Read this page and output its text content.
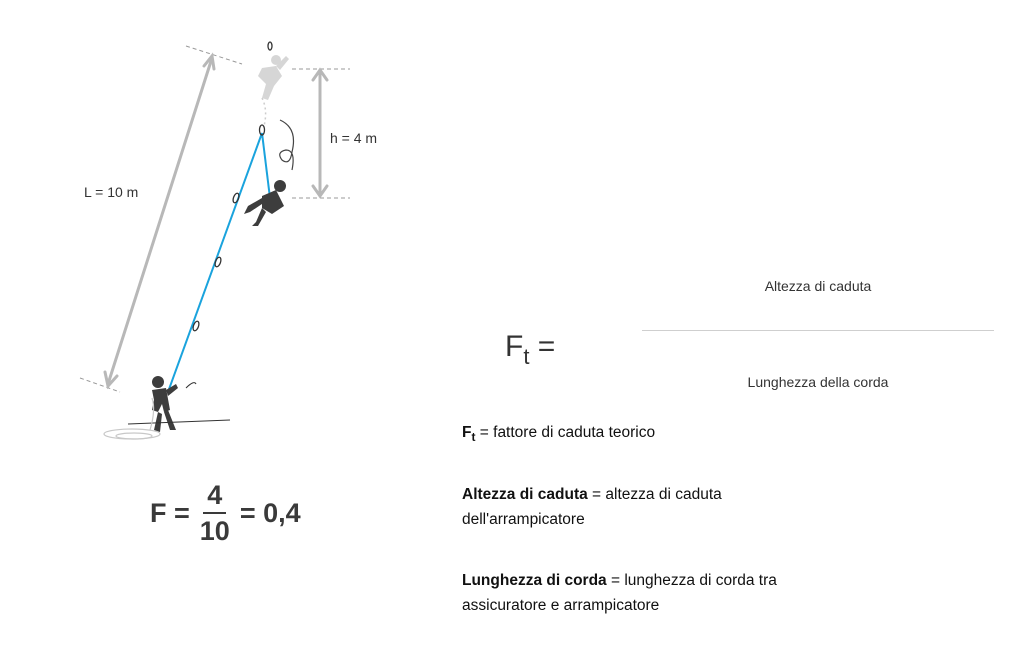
L = 10 m
h = 4 m
$F = \frac{4}{10} = 0,4$
$F_t$ =
Altezza di caduta
Lunghezza della corda
$F_t$ = fattore di caduta teorico
Altezza di caduta = altezza di caduta dell'arrampicatore
Lunghezza di corda = lunghezza di corda tra assicuratore e arrampicatore
